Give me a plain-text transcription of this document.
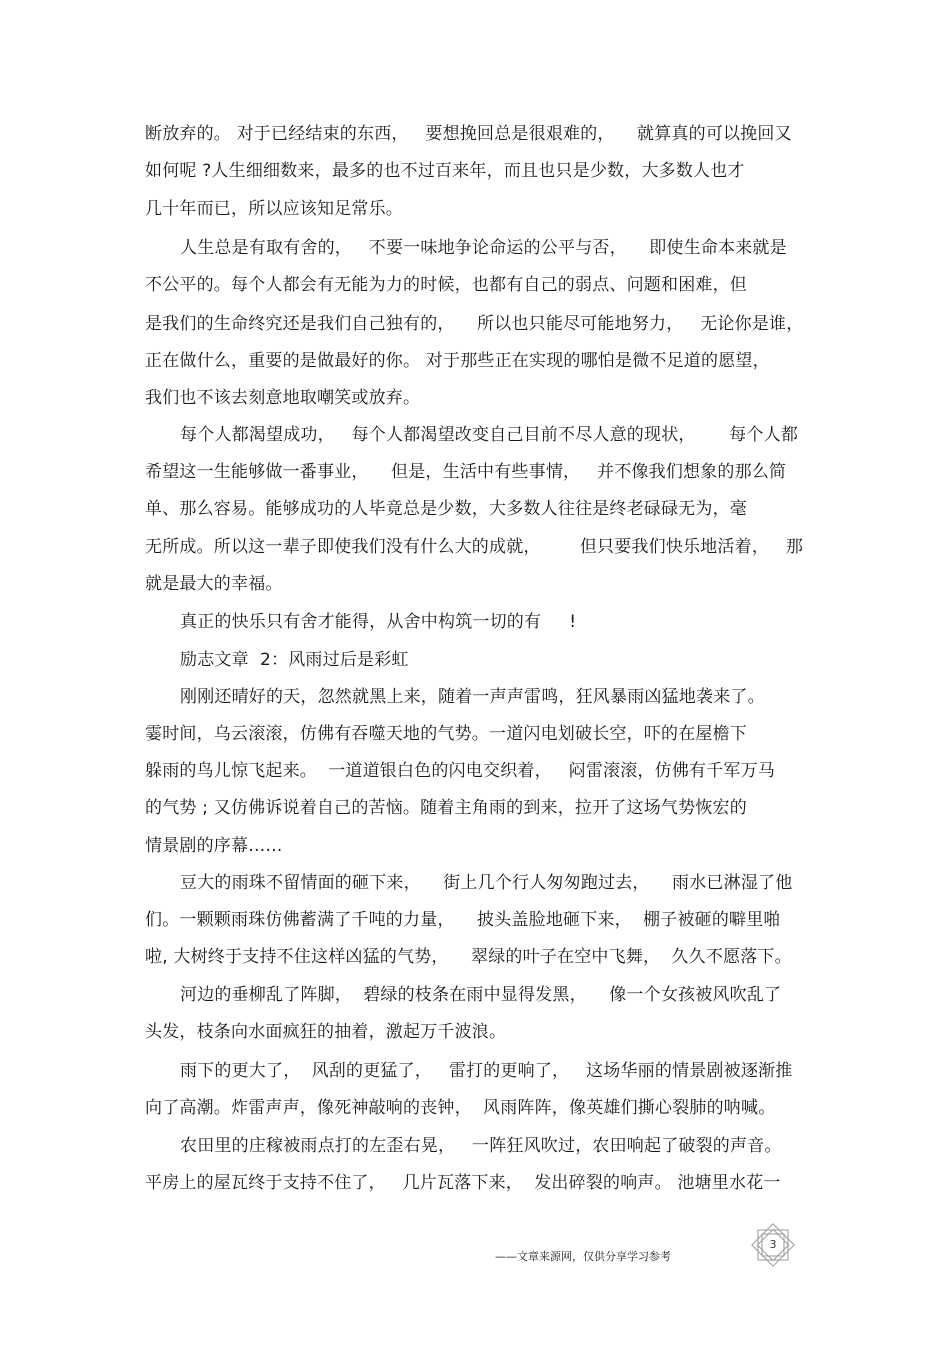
断放弃的。 对于已经结束的东西，   要想挽回总是很艰难的，    就算真的可以挽回又
如何呢 ?人生细细数来，最多的也不过百来年，而且也只是少数，大多数人也才
几十年而已，所以应该知足常乐。
人生总是有取有舍的，   不要一味地争论命运的公平与否，    即使生命本来就是
不公平的。每个人都会有无能为力的时候，也都有自己的弱点、问题和困难，但
是我们的生命终究还是我们自己独有的，    所以也只能尽可能地努力，   无论你是谁，
正在做什么，重要的是做最好的你。 对于那些正在实现的哪怕是微不足道的愿望，
我们也不该去刻意地取嘲笑或放弃。
每个人都渴望成功，   每个人都渴望改变自己目前不尽人意的现状，      每个人都
希望这一生能够做一番事业，    但是，生活中有些事情，   并不像我们想象的那么简
单、那么容易。能够成功的人毕竟总是少数，大多数人往往是终老碌碌无为，毫
无所成。所以这一辈子即使我们没有什么大的成就，       但只要我们快乐地活着，   那
就是最大的幸福。
真正的快乐只有舍才能得，从舍中构筑一切的有     !
励志文章  2：风雨过后是彩虹
刚刚还晴好的天，忽然就黑上来，随着一声声雷鸣，狂风暴雨凶猛地袭来了。
霎时间，乌云滚滚，仿佛有吞噬天地的气势。一道闪电划破长空，吓的在屋檐下
躲雨的鸟儿惊飞起来。  一道道银白色的闪电交织着，   闷雷滚滚，仿佛有千军万马
的气势 ; 又仿佛诉说着自己的苦恼。随着主角雨的到来，拉开了这场气势恢宏的
情景剧的序幕……
豆大的雨珠不留情面的砸下来，    街上几个行人匆匆跑过去，    雨水已淋湿了他
们。一颗颗雨珠仿佛蓄满了千吨的力量，    披头盖脸地砸下来，  棚子被砸的噼里啪
啦, 大树终于支持不住这样凶猛的气势，    翠绿的叶子在空中飞舞，  久久不愿落下。
河边的垂柳乱了阵脚，  碧绿的枝条在雨中显得发黑，    像一个女孩被风吹乱了
头发，枝条向水面疯狂的抽着，激起万千波浪。
雨下的更大了，  风刮的更猛了，   雷打的更响了，   这场华丽的情景剧被逐渐推
向了高潮。炸雷声声，像死神敲响的丧钟，  风雨阵阵，像英雄们撕心裂肺的呐喊。
农田里的庄稼被雨点打的左歪右晃，   一阵狂风吹过，农田响起了破裂的声音。
平房上的屋瓦终于支持不住了，   几片瓦落下来，  发出碎裂的响声。 池塘里水花一
——文章来源网，仅供分享学习参考
3
